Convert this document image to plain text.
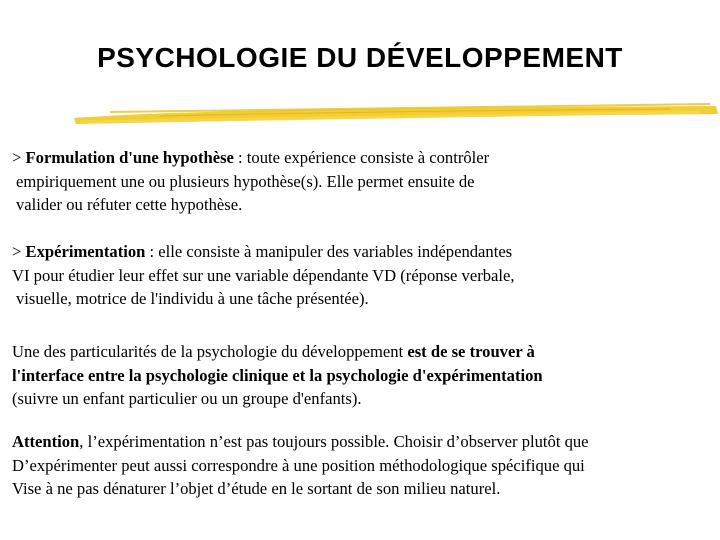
PSYCHOLOGIE DU DÉVELOPPEMENT
> Formulation d'une hypothèse : toute expérience consiste à contrôler
empiriquement une ou plusieurs hypothèse(s). Elle permet ensuite de
valider ou réfuter cette hypothèse.
> Expérimentation : elle consiste à manipuler des variables indépendantes
VI pour étudier leur effet sur une variable dépendante VD (réponse verbale,
visuelle, motrice de l'individu à une tâche présentée).
Une des particularités de la psychologie du développement est de se trouver à
l'interface entre la psychologie clinique et la psychologie d'expérimentation
(suivre un enfant particulier ou un groupe d'enfants).
Attention, l’expérimentation n’est pas toujours possible. Choisir d’observer plutôt que
D’expérimenter peut aussi correspondre à une position méthodologique spécifique qui
Vise à ne pas dénaturer l’objet d’étude en le sortant de son milieu naturel.
